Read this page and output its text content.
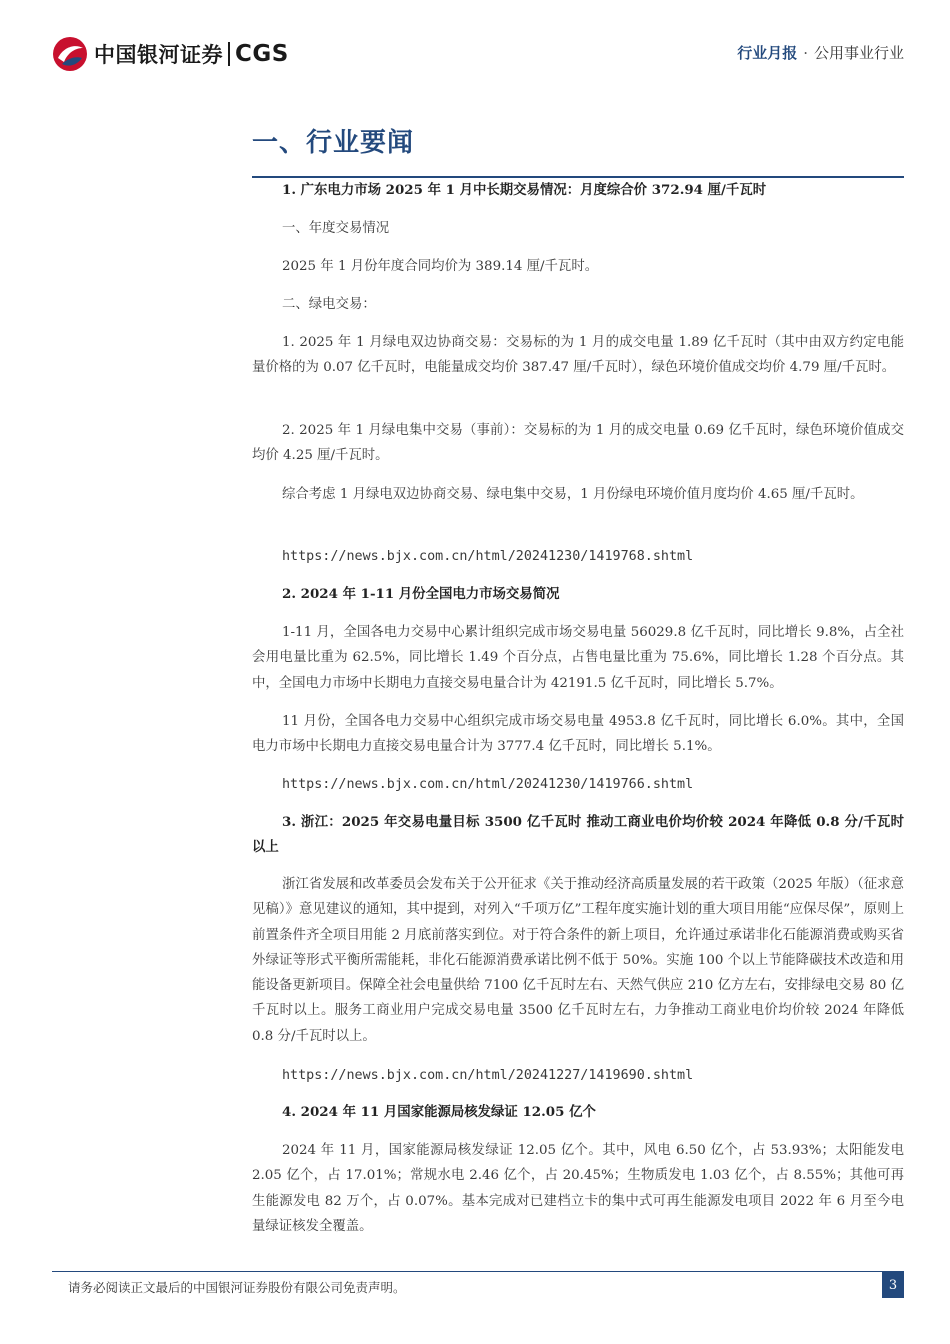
中国银河证券 CGS	行业月报 · 公用事业行业
一、行业要闻

1. 广东电力市场 2025 年 1 月中长期交易情况：月度综合价 372.94 厘/千瓦时

一、年度交易情况

2025 年 1 月份年度合同均价为 389.14 厘/千瓦时。

二、绿电交易：

1. 2025 年 1 月绿电双边协商交易：交易标的为 1 月的成交电量 1.89 亿千瓦时（其中由双方约定电能量价格的为 0.07 亿千瓦时，电能量成交均价 387.47 厘/千瓦时），绿色环境价值成交均价 4.79 厘/千瓦时。

2. 2025 年 1 月绿电集中交易（事前）：交易标的为 1 月的成交电量 0.69 亿千瓦时，绿色环境价值成交均价 4.25 厘/千瓦时。

综合考虑 1 月绿电双边协商交易、绿电集中交易，1 月份绿电环境价值月度均价 4.65 厘/千瓦时。

https://news.bjx.com.cn/html/20241230/1419768.shtml

2. 2024 年 1-11 月份全国电力市场交易简况

1-11 月，全国各电力交易中心累计组织完成市场交易电量 56029.8 亿千瓦时，同比增长 9.8%，占全社会用电量比重为 62.5%，同比增长 1.49 个百分点，占售电量比重为 75.6%，同比增长 1.28 个百分点。其中，全国电力市场中长期电力直接交易电量合计为 42191.5 亿千瓦时，同比增长 5.7%。

11 月份，全国各电力交易中心组织完成市场交易电量 4953.8 亿千瓦时，同比增长 6.0%。其中，全国电力市场中长期电力直接交易电量合计为 3777.4 亿千瓦时，同比增长 5.1%。

https://news.bjx.com.cn/html/20241230/1419766.shtml

3. 浙江：2025 年交易电量目标 3500 亿千瓦时 推动工商业电价均价较 2024 年降低 0.8 分/千瓦时以上

浙江省发展和改革委员会发布关于公开征求《关于推动经济高质量发展的若干政策（2025 年版）（征求意见稿）》意见建议的通知，其中提到，对列入“千项万亿”工程年度实施计划的重大项目用能“应保尽保”，原则上前置条件齐全项目用能 2 月底前落实到位。对于符合条件的新上项目，允许通过承诺非化石能源消费或购买省外绿证等形式平衡所需能耗，非化石能源消费承诺比例不低于 50%。实施 100 个以上节能降碳技术改造和用能设备更新项目。保障全社会电量供给 7100 亿千瓦时左右、天然气供应 210 亿方左右，安排绿电交易 80 亿千瓦时以上。服务工商业用户完成交易电量 3500 亿千瓦时左右，力争推动工商业电价均价较 2024 年降低 0.8 分/千瓦时以上。

https://news.bjx.com.cn/html/20241227/1419690.shtml

4. 2024 年 11 月国家能源局核发绿证 12.05 亿个

2024 年 11 月，国家能源局核发绿证 12.05 亿个。其中，风电 6.50 亿个，占 53.93%；太阳能发电 2.05 亿个，占 17.01%；常规水电 2.46 亿个，占 20.45%；生物质发电 1.03 亿个，占 8.55%；其他可再生能源发电 82 万个，占 0.07%。基本完成对已建档立卡的集中式可再生能源发电项目 2022 年 6 月至今电量绿证核发全覆盖。

请务必阅读正文最后的中国银河证券股份有限公司免责声明。	3
